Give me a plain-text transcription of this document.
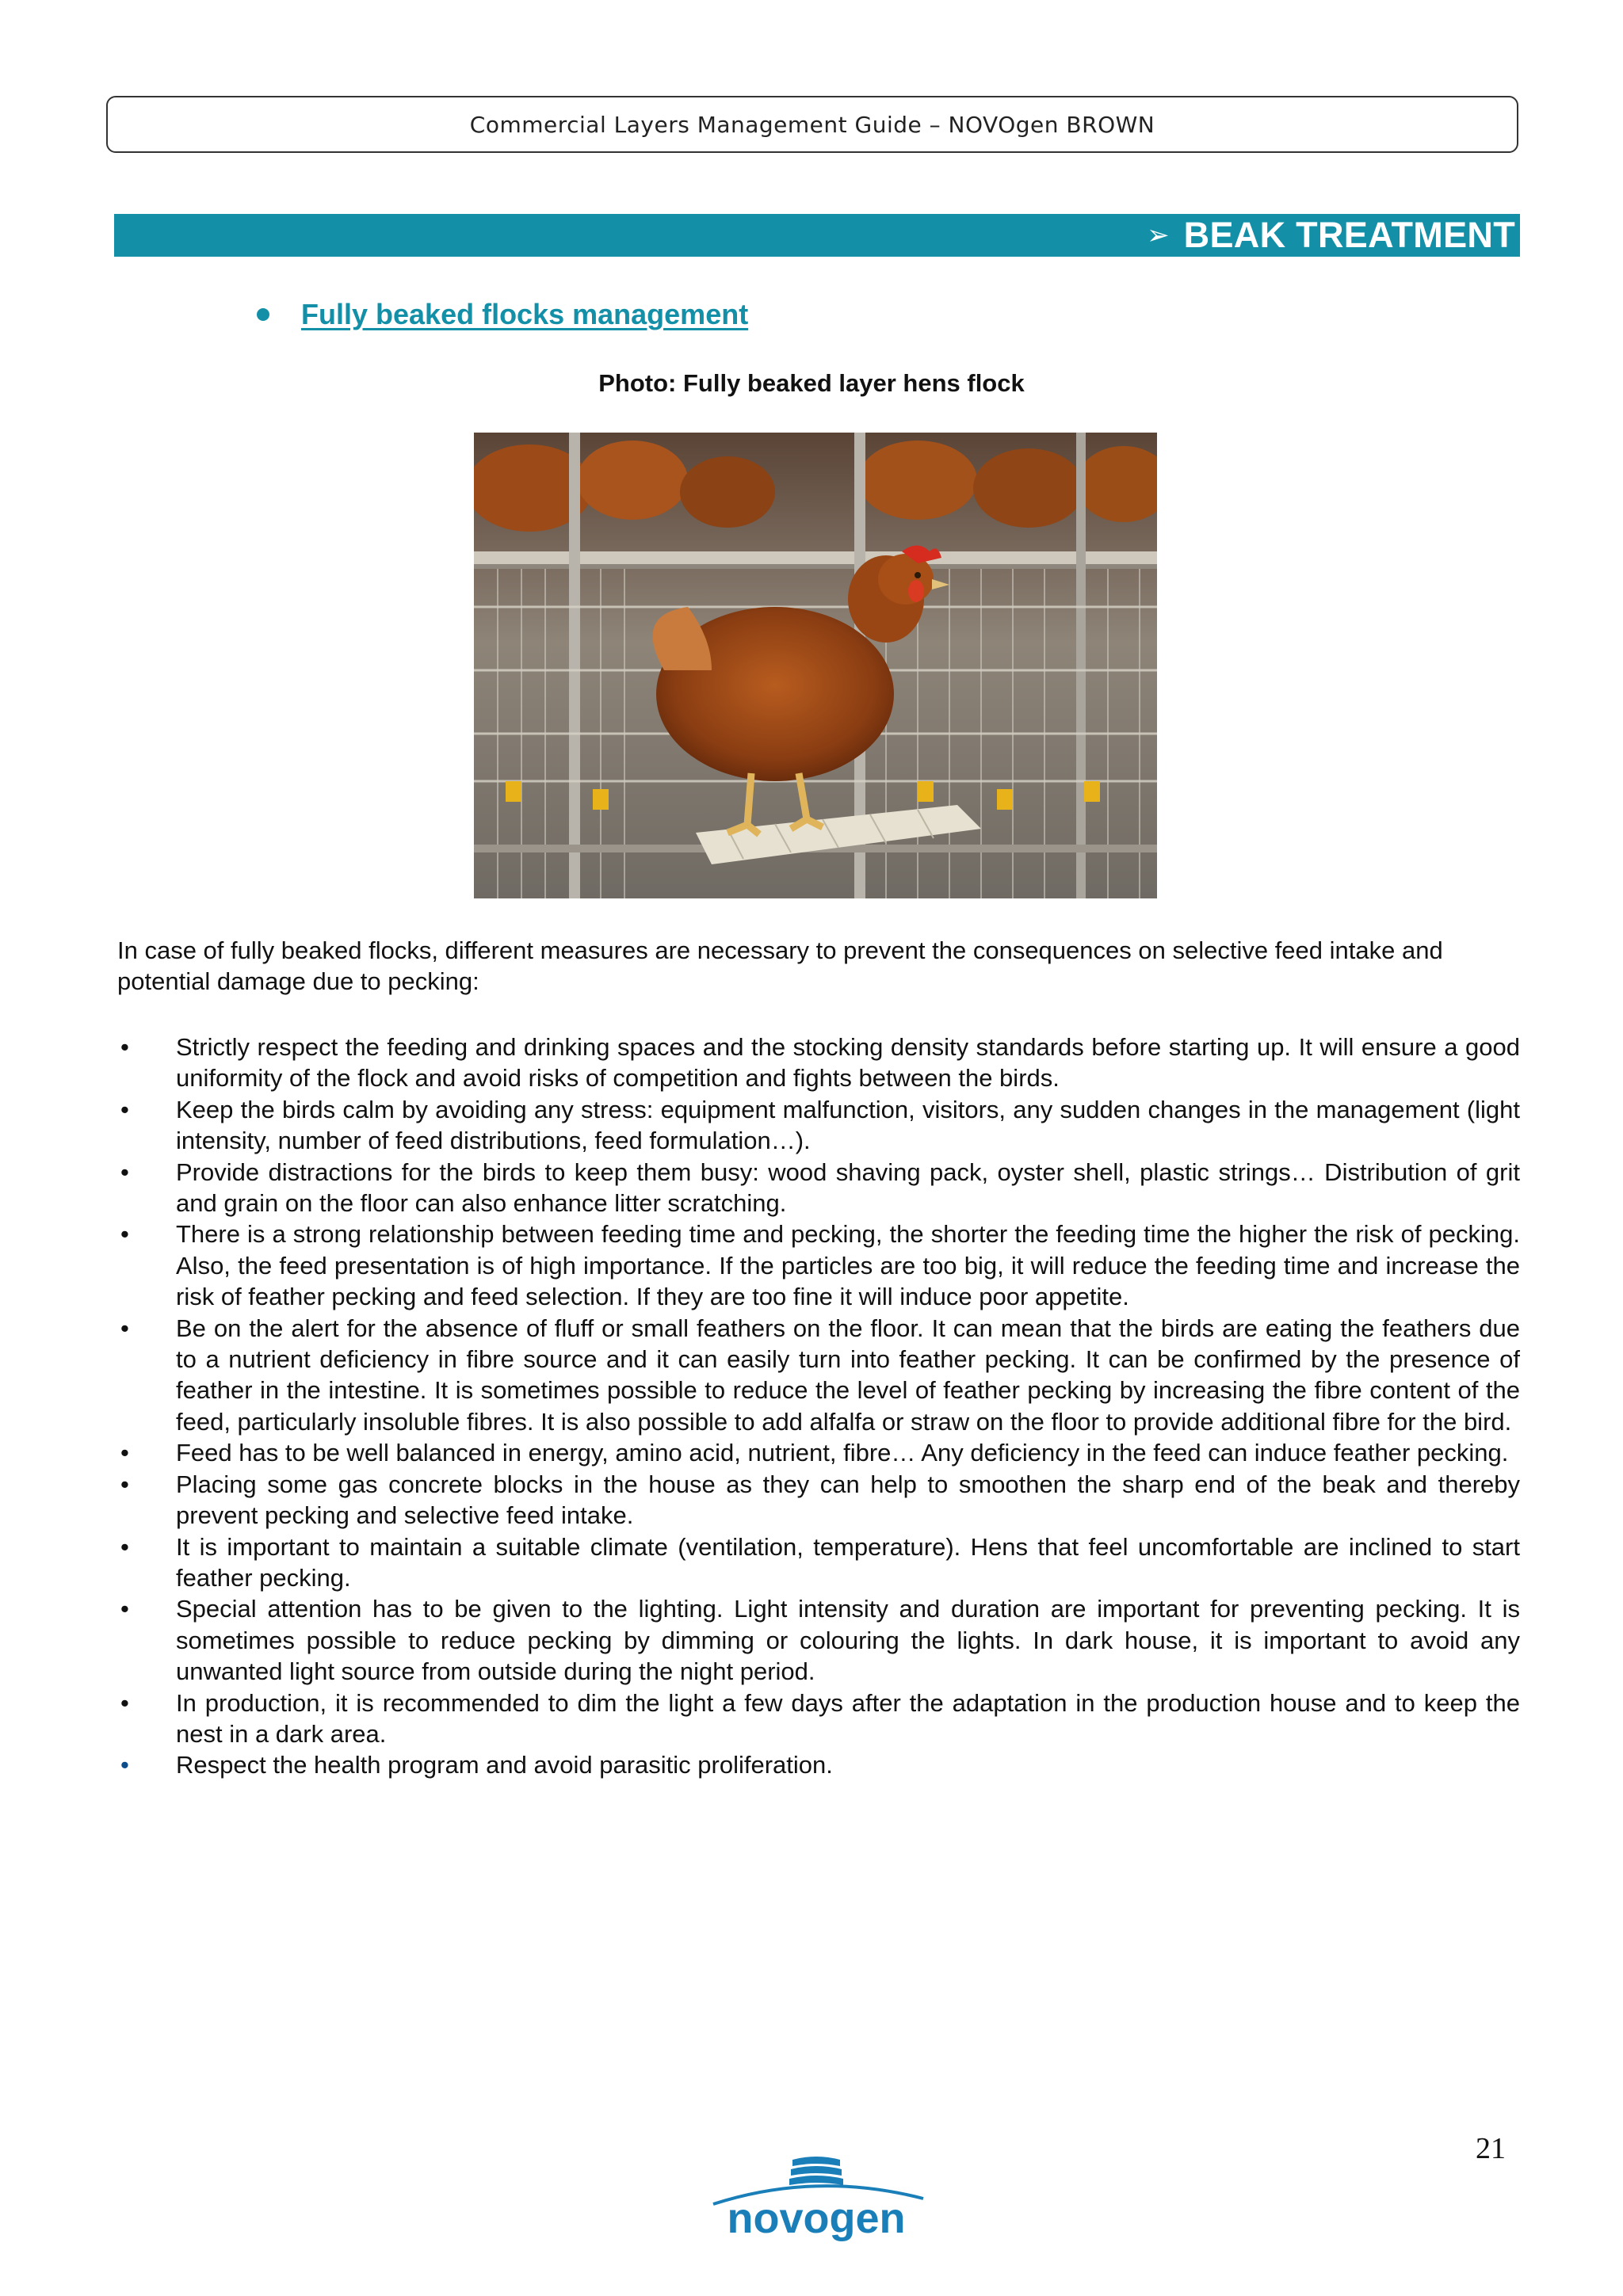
Commercial Layers Management Guide – NOVOgen BROWN
➢ BEAK TREATMENT
Fully beaked flocks management
Photo: Fully beaked layer hens flock

In case of fully beaked flocks, different measures are necessary to prevent the consequences on selective feed intake and potential damage due to pecking:

• Strictly respect the feeding and drinking spaces and the stocking density standards before starting up. It will ensure a good uniformity of the flock and avoid risks of competition and fights between the birds.
• Keep the birds calm by avoiding any stress: equipment malfunction, visitors, any sudden changes in the management (light intensity, number of feed distributions, feed formulation…).
• Provide distractions for the birds to keep them busy: wood shaving pack, oyster shell, plastic strings… Distribution of grit and grain on the floor can also enhance litter scratching.
• There is a strong relationship between feeding time and pecking, the shorter the feeding time the higher the risk of pecking. Also, the feed presentation is of high importance. If the particles are too big, it will reduce the feeding time and increase the risk of feather pecking and feed selection. If they are too fine it will induce poor appetite.
• Be on the alert for the absence of fluff or small feathers on the floor. It can mean that the birds are eating the feathers due to a nutrient deficiency in fibre source and it can easily turn into feather pecking. It can be confirmed by the presence of feather in the intestine. It is sometimes possible to reduce the level of feather pecking by increasing the fibre content of the feed, particularly insoluble fibres. It is also possible to add alfalfa or straw on the floor to provide additional fibre for the bird.
• Feed has to be well balanced in energy, amino acid, nutrient, fibre… Any deficiency in the feed can induce feather pecking.
• Placing some gas concrete blocks in the house as they can help to smoothen the sharp end of the beak and thereby prevent pecking and selective feed intake.
• It is important to maintain a suitable climate (ventilation, temperature). Hens that feel uncomfortable are inclined to start feather pecking.
• Special attention has to be given to the lighting. Light intensity and duration are important for preventing pecking. It is sometimes possible to reduce pecking by dimming or colouring the lights. In dark house, it is important to avoid any unwanted light source from outside during the night period.
• In production, it is recommended to dim the light a few days after the adaptation in the production house and to keep the nest in a dark area.
• Respect the health program and avoid parasitic proliferation.
21
novogen
